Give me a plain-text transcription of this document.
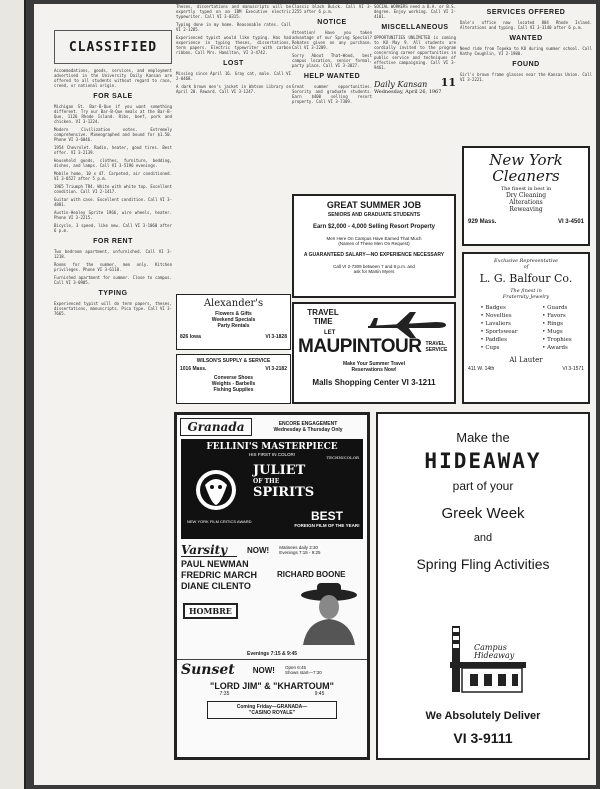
CLASSIFIED

Accommodations, goods, services, and employment advertised in the University Daily Kansan are offered to all students without regard to race, creed, or national origin.

FOR SALE

Michigan St. Bar-B-Que if you want something different. Try our Bar-B-Que meals at the Bar-B-Que, 1126 Rhode Island. Ribs, beef, pork and chicken. VI 3-1224.

Modern Civilization notes. Extremely comprehensive. Mimeographed and bound for $1.50. Phone VI 3-6046.

1954 Chevrolet. Radio, heater, good tires. Best offer. VI 3-2139.

Household goods, clothes, furniture, bedding, dishes, and lamps. Call VI 3-5196 evenings.

Mobile home, 10 x 47. Carpeted, air conditioned. VI 3-0527 after 5 p.m.

1965 Triumph TR4. White with white top. Excellent condition. Call VI 2-1417.

Guitar with case. Excellent condition. Call VI 3-4881.

Austin-Healey Sprite 1966, wire wheels, heater. Phone VI 3-2215.

Bicycle, 3 speed, like new. Call VI 3-1060 after 6 p.m.

FOR RENT

Two bedroom apartment, unfurnished. Call VI 3-1218.

Rooms for the summer, men only. Kitchen privileges. Phone VI 3-6118.

Furnished apartment for summer. Close to campus. Call VI 3-0905.

TYPING

Experienced typist will do term papers, theses, dissertations, manuscripts. Pica type. Call VI 3-7665.

Theses, dissertations and manuscripts will be expertly typed on an IBM Executive electric typewriter. Call VI 3-0315.

Typing done in my home. Reasonable rates. Call VI 2-1285.

Experienced typist would like typing. Has had experience in typing theses, dissertations, term papers. Electric typewriter with carbon ribbon. Call Mrs. Hamilton, VI 3-4742.

LOST

Missing since April 16. Gray cat, male. Call VI 2-0468.

A dark brown men's jacket in Watson Library on April 20. Reward. Call VI 3-1247.

Alexander's
Flowers & Gifts
Weekend Specials
Party Rentals
826 Iowa	VI 3-1828
WILSON'S SUPPLY & SERVICE
1016 Mass.	VI 3-2182
Converse Shoes
Weights - Barbells
Fishing Supplies

Classic black Buick. Call VI 3-2255 after 6 p.m.

NOTICE

Attention! Have you taken advantage of our Spring Special? Rebates given on any purchase. Call VI 3-2209.

Sorry About That—Wood, best campus location, senior formal, party place. Call VI 3-3027.

HELP WANTED

Great summer opportunities. Sorority and graduate students. Earn $400 selling resort property. Call VI 3-7309.

SOCIAL WORKERS need a B.A. or B.S. degree. Enjoy working. Call VI 2-4101.

MISCELLANEOUS

OPPORTUNITIES UNLIMITED is coming to KU May 9. All students are cordially invited to the program concerning career opportunities in public service and techniques of effective campaigning. Call VI 3-9461.

Daily Kansan 11
Wednesday, April 26, 1967
GREAT SUMMER JOB
SENIORS AND GRADUATE STUDENTS
Earn $2,000 - 4,000 Selling Resort Property
Men Here On Campus Have Earned That Much
(Names of These Men On Request)
A GUARANTEED SALARY—NO EXPERIENCE NECESSARY
Call VI 2-7309 between 7 and 8 p.m. and
ask for Martin Myers
TRAVEL TIME
LET
MAUPINTOUR TRAVEL SERVICE
Make Your Summer Travel
Reservations Now!
Malls Shopping Center VI 3-1211
SERVICES OFFERED

Dale's office now located 804 Rhode Island. Alterations and typing. Call VI 3-3140 after 6 p.m.

WANTED

Need ride from Topeka to KU during summer school. Call Kathy Coughlin, VI 2-1980.

FOUND

Girl's brown frame glasses near the Kansas Union. Call VI 3-2221.

New York Cleaners
The finest in best in
Dry Cleaning
Alterations
Reweaving
929 Mass.	VI 3-4501
Exclusive Representative
of
L. G. Balfour Co.
The finest in
Fraternity Jewelry
• Badges
• Novelties
• Lavaliers
• Sportswear
• Paddles
• Cups
• Guards
• Favors
• Rings
• Mugs
• Trophies
• Awards
Al Lauter
411 W. 14th	VI 3-1571
Granada	ENCORE ENGAGEMENT
Wednesday & Thursday Only
FELLINI'S MASTERPIECE
HIS FIRST IN COLOR!
TECHNICOLOR
JULIET
OF THE
SPIRITS
NEW YORK FILM CRITICS AWARD	BEST
FOREIGN FILM OF THE YEAR!
Varsity	NOW! Matinees daily 2:30
Evenings 7:15 - 9:25
PAUL NEWMAN
FREDRIC MARCH
DIANE CILENTO
RICHARD BOONE
HOMBRE
Evenings 7:15 & 9:45
Sunset NOW! Open 6:45
Shows start—7:30
"LORD JIM" & "KHARTOUM"
7:35	9:45
Coming Friday—GRANADA—
"CASINO ROYALE"
Make the
HIDEAWAY
part of your
Greek Week
and
Spring Fling Activities
Campus
Hideaway
We Absolutely Deliver
VI 3-9111
